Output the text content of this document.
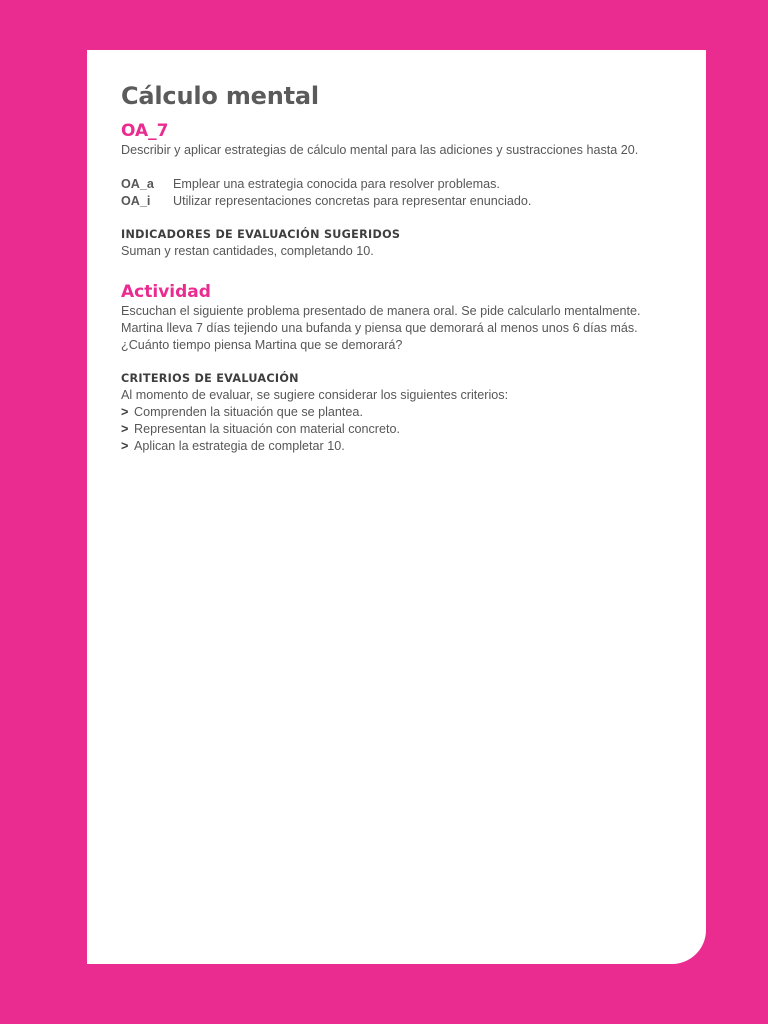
Cálculo mental
OA_7

Describir y aplicar estrategias de cálculo mental para las adiciones y sustracciones hasta 20.

OA_a	Emplear una estrategia conocida para resolver problemas.
OA_i	Utilizar representaciones concretas para representar enunciado.
INDICADORES DE EVALUACIÓN SUGERIDOS

Suman y restan cantidades, completando 10.

Actividad

Escuchan el siguiente problema presentado de manera oral. Se pide calcularlo mentalmente.

Martina lleva 7 días tejiendo una bufanda y piensa que demorará al menos unos 6 días más.

¿Cuánto tiempo piensa Martina que se demorará?

CRITERIOS DE EVALUACIÓN

Al momento de evaluar, se sugiere considerar los siguientes criterios:

> Comprenden la situación que se plantea.
> Representan la situación con material concreto.
> Aplican la estrategia de completar 10.
